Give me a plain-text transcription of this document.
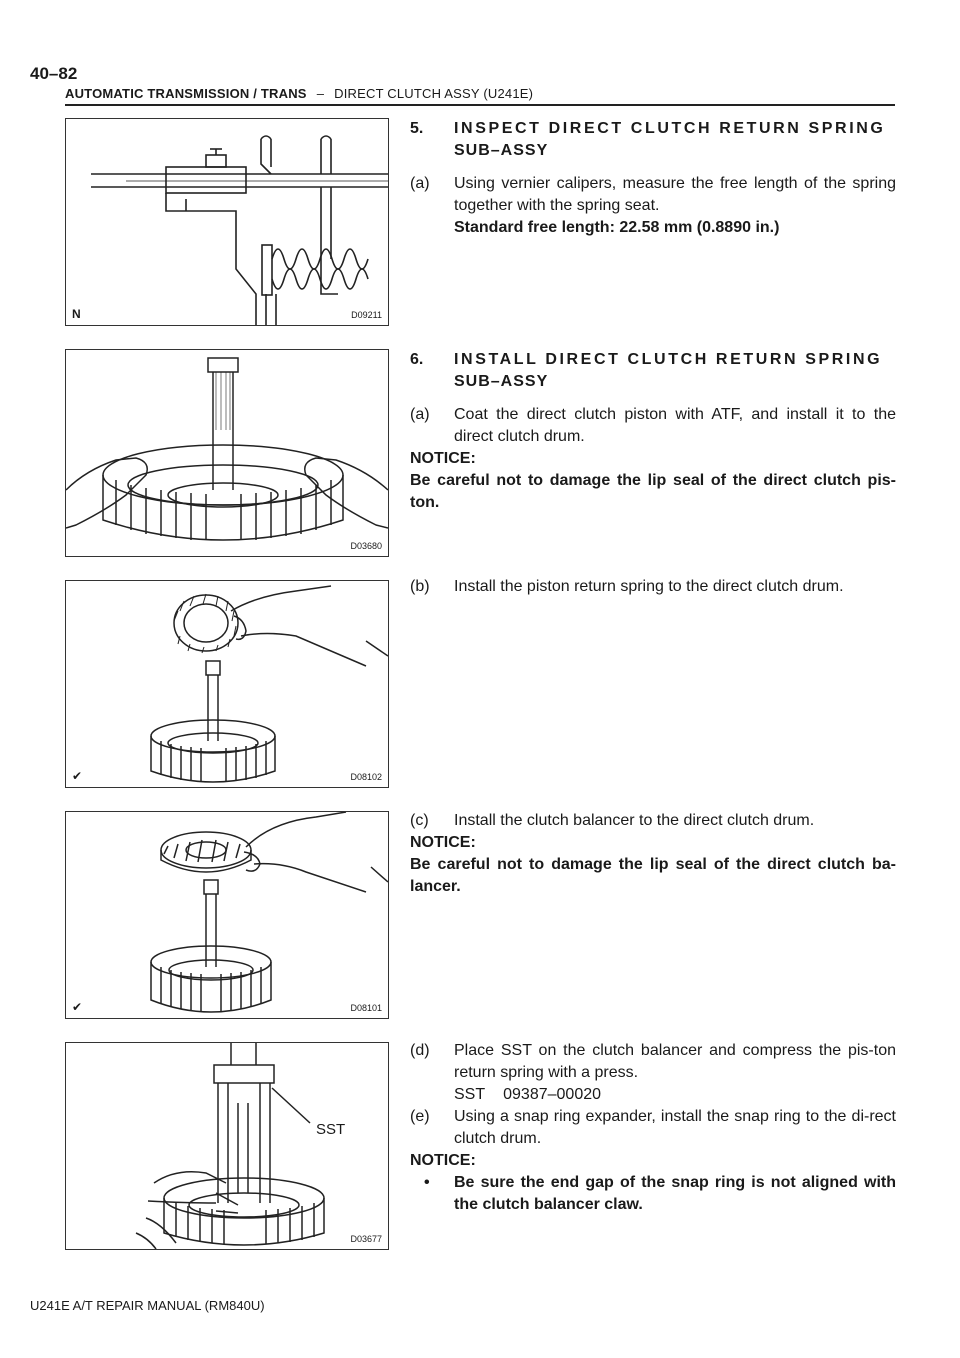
40–82
AUTOMATIC TRANSMISSION / TRANS – DIRECT CLUTCH ASSY (U241E)
N	D09211
D03680
✔	D08102
✔	D08101
SST
D03677
5. INSPECT DIRECT CLUTCH RETURN SPRING
SUB–ASSY
(a) Using vernier calipers, measure the free length of the spring together with the spring seat.
Standard free length: 22.58 mm (0.8890 in.)
6. INSTALL DIRECT CLUTCH RETURN SPRING
SUB–ASSY
(a) Coat the direct clutch piston with ATF, and install it to the direct clutch drum.
NOTICE:
Be careful not to damage the lip seal of the direct clutch pis-ton.
(b) Install the piston return spring to the direct clutch drum.
(c) Install the clutch balancer to the direct clutch drum.
NOTICE:
Be careful not to damage the lip seal of the direct clutch ba-lancer.
(d) Place SST on the clutch balancer and compress the pis-ton return spring with a press.
SST 09387–00020
(e) Using a snap ring expander, install the snap ring to the di-rect clutch drum.
NOTICE:
• Be sure the end gap of the snap ring is not aligned with the clutch balancer claw.
U241E A/T REPAIR MANUAL (RM840U)
